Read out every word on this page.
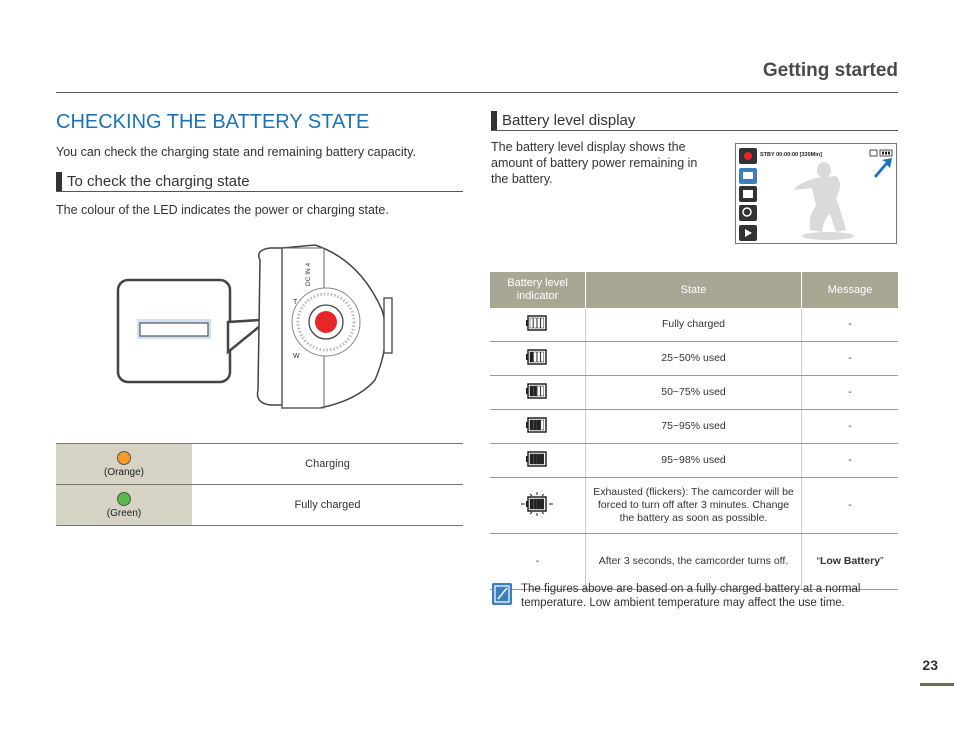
Getting started
CHECKING THE BATTERY STATE
You can check the charging state and remaining battery capacity.
To check the charging state
The colour of the LED indicates the power or charging state.
T
W
DC IN 4
(Orange)	Charging

(Green)	Fully charged
Battery level display
The battery level display shows the amount of battery power remaining in the battery.
STBY 00:00:00 [330Min]
Battery level indicator	State	Message
	Fully charged	-
	25~50% used	-
	50~75% used	-
	75~95% used	-
	95~98% used	-
	Exhausted (flickers): The camcorder will be forced to turn off after 3 minutes. Change the battery as soon as possible.	-
-	After 3 seconds, the camcorder turns off.	“Low Battery”
The figures above are based on a fully charged battery at a normal temperature. Low ambient temperature may affect the use time.
23
